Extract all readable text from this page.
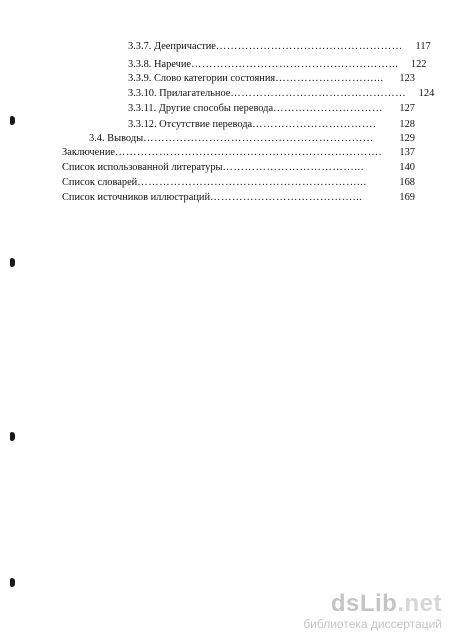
3.3.7. Деепричастие ……………………………………………	117
3.3.8. Наречие ………………………………………………...	122
3.3.9. Слово категории состояния ………………………...	123
3.3.10. Прилагательное …………………………………………	124
3.3.11. Другие способы перевода …………………………	127
3.3.12. Отсутствие перевода …………………………….	128
3.4. Выводы ………………………………………………………	129
Заключение ……………………………………………………………….	137
Список использованной литературы ………………………………...	140
Список словарей ……………………………………………………...	168
Список источников иллюстраций …………………………………...	169
dsLib.net
библиотека диссертаций
